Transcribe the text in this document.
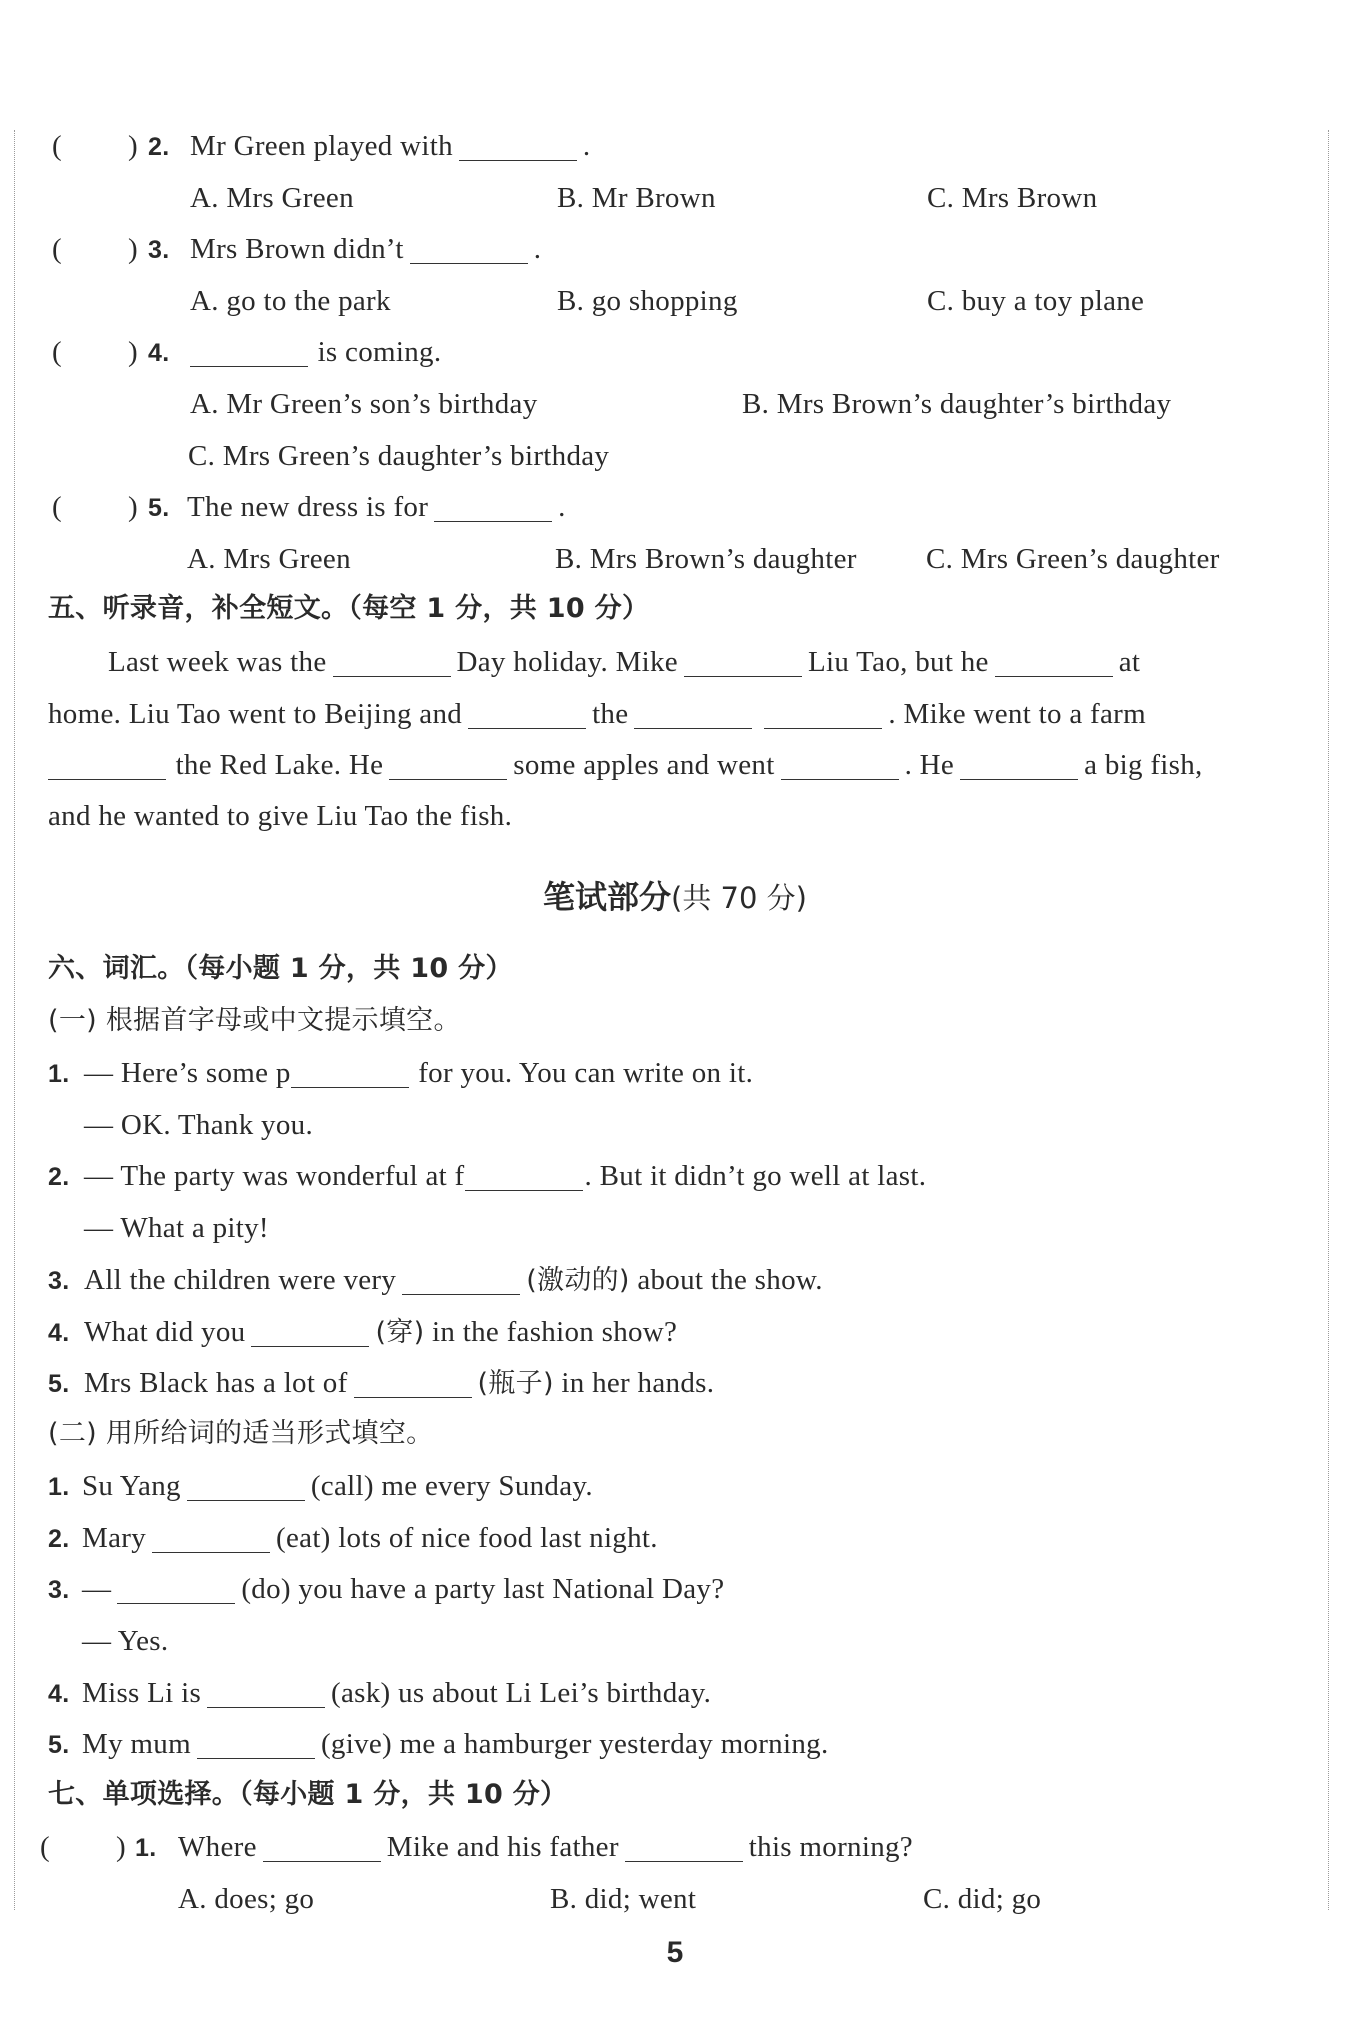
( ) 2. Mr Green played with	.
A. Mrs Green	B. Mr Brown	C. Mrs Brown
( ) 3. Mrs Brown didn’t	.
A. go to the park	B. go shopping	C. buy a toy plane
( ) 4.	is coming.
A. Mr Green’s son’s birthday	B. Mrs Brown’s daughter’s birthday
C. Mrs Green’s daughter’s birthday
( ) 5. The new dress is for	.
A. Mrs Green	B. Mrs Brown’s daughter C. Mrs Green’s daughter
五、听录音，补全短文。（每空 1 分，共 10 分）
Last week was the	Day holiday. Mike	Liu Tao, but he	at
home. Liu Tao went to Beijing and	the	. Mike went to a farm
the Red Lake. He	some apples and went	. He	a big fish,
and he wanted to give Liu Tao the fish.
笔试部分(共 70 分)
六、词汇。（每小题 1 分，共 10 分）
(一) 根据首字母或中文提示填空。
1. — Here’s some p	for you. You can write on it.
— OK. Thank you.
2. — The party was wonderful at f	. But it didn’t go well at last.
— What a pity!
3. All the children were very	(激动的) about the show.
4. What did you	(穿) in the fashion show?
5. Mrs Black has a lot of	(瓶子) in her hands.
(二) 用所给词的适当形式填空。
1. Su Yang	(call) me every Sunday.
2. Mary	(eat) lots of nice food last night.
3. —	(do) you have a party last National Day?
— Yes.
4. Miss Li is	(ask) us about Li Lei’s birthday.
5. My mum	(give) me a hamburger yesterday morning.
七、单项选择。（每小题 1 分，共 10 分）
( ) 1. Where	Mike and his father	this morning?
A. does; go	B. did; went	C. did; go
5
